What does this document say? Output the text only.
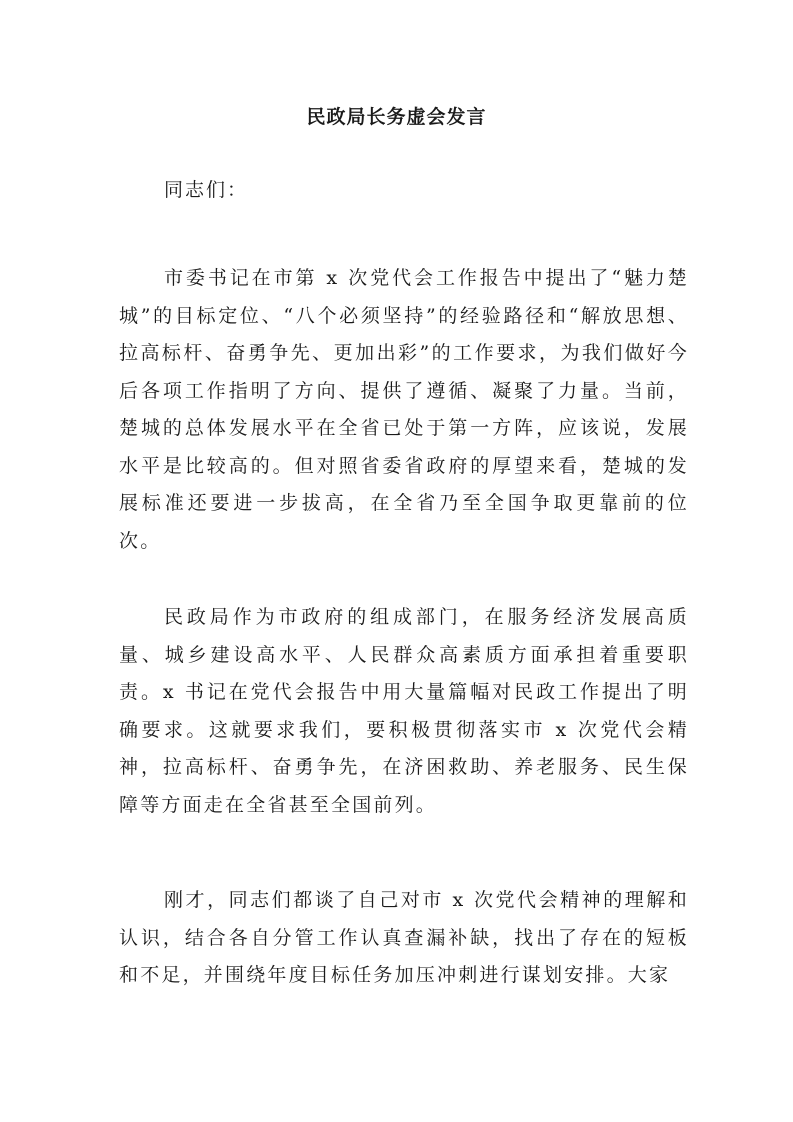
民政局长务虚会发言
同志们：

市委书记在市第 x 次党代会工作报告中提出了“魅力楚城”的目标定位、“八个必须坚持”的经验路径和“解放思想、拉高标杆、奋勇争先、更加出彩”的工作要求，为我们做好今后各项工作指明了方向、提供了遵循、凝聚了力量。当前，楚城的总体发展水平在全省已处于第一方阵，应该说，发展水平是比较高的。但对照省委省政府的厚望来看，楚城的发展标准还要进一步拔高，在全省乃至全国争取更靠前的位次。

民政局作为市政府的组成部门，在服务经济发展高质量、城乡建设高水平、人民群众高素质方面承担着重要职责。x 书记在党代会报告中用大量篇幅对民政工作提出了明确要求。这就要求我们，要积极贯彻落实市 x 次党代会精神，拉高标杆、奋勇争先，在济困救助、养老服务、民生保障等方面走在全省甚至全国前列。

刚才，同志们都谈了自己对市 x 次党代会精神的理解和认识，结合各自分管工作认真查漏补缺，找出了存在的短板和不足，并围绕年度目标任务加压冲刺进行谋划安排。大家
